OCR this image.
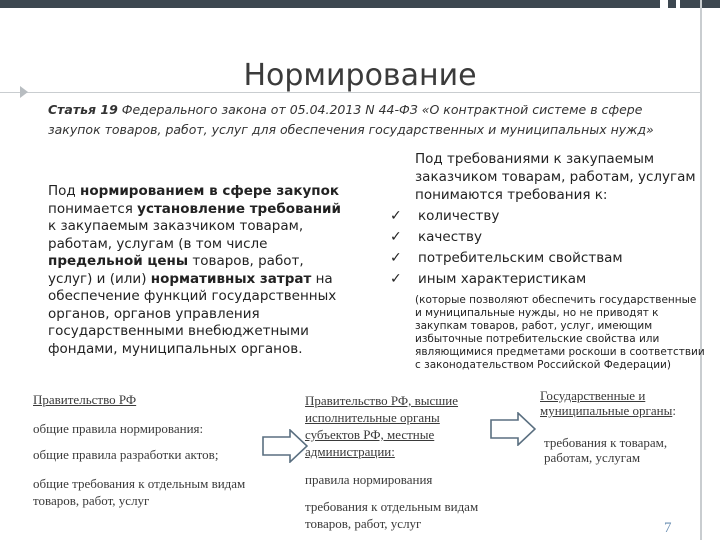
Нормирование
Статья 19 Федерального закона от 05.04.2013 N 44-ФЗ «О контрактной системе в сфере закупок товаров, работ, услуг для обеспечения государственных и муниципальных нужд»
Под нормированием в сфере закупок понимается установление требований к закупаемым заказчиком товарам, работам, услугам (в том числе предельной цены товаров, работ, услуг) и (или) нормативных затрат на обеспечение функций государственных органов, органов управления государственными внебюджетными фондами, муниципальных органов.
Под требованиями к закупаемым заказчиком товарам, работам, услугам понимаются требования к:
✓ количеству
✓ качеству
✓ потребительским свойствам
✓ иным характеристикам
(которые позволяют обеспечить государственные и муниципальные нужды, но не приводят к закупкам товаров, работ, услуг, имеющим избыточные потребительские свойства или являющимися предметами роскоши в соответствии с законодательством Российской Федерации)
Правительство РФ
общие правила нормирования:
общие правила разработки актов;
общие требования к отдельным видам товаров, работ, услуг
Правительство РФ, высшие исполнительные органы субъектов РФ, местные администрации:
правила нормирования
требования к отдельным видам товаров, работ, услуг
Государственные и муниципальные органы:
требования к товарам, работам, услугам
7
